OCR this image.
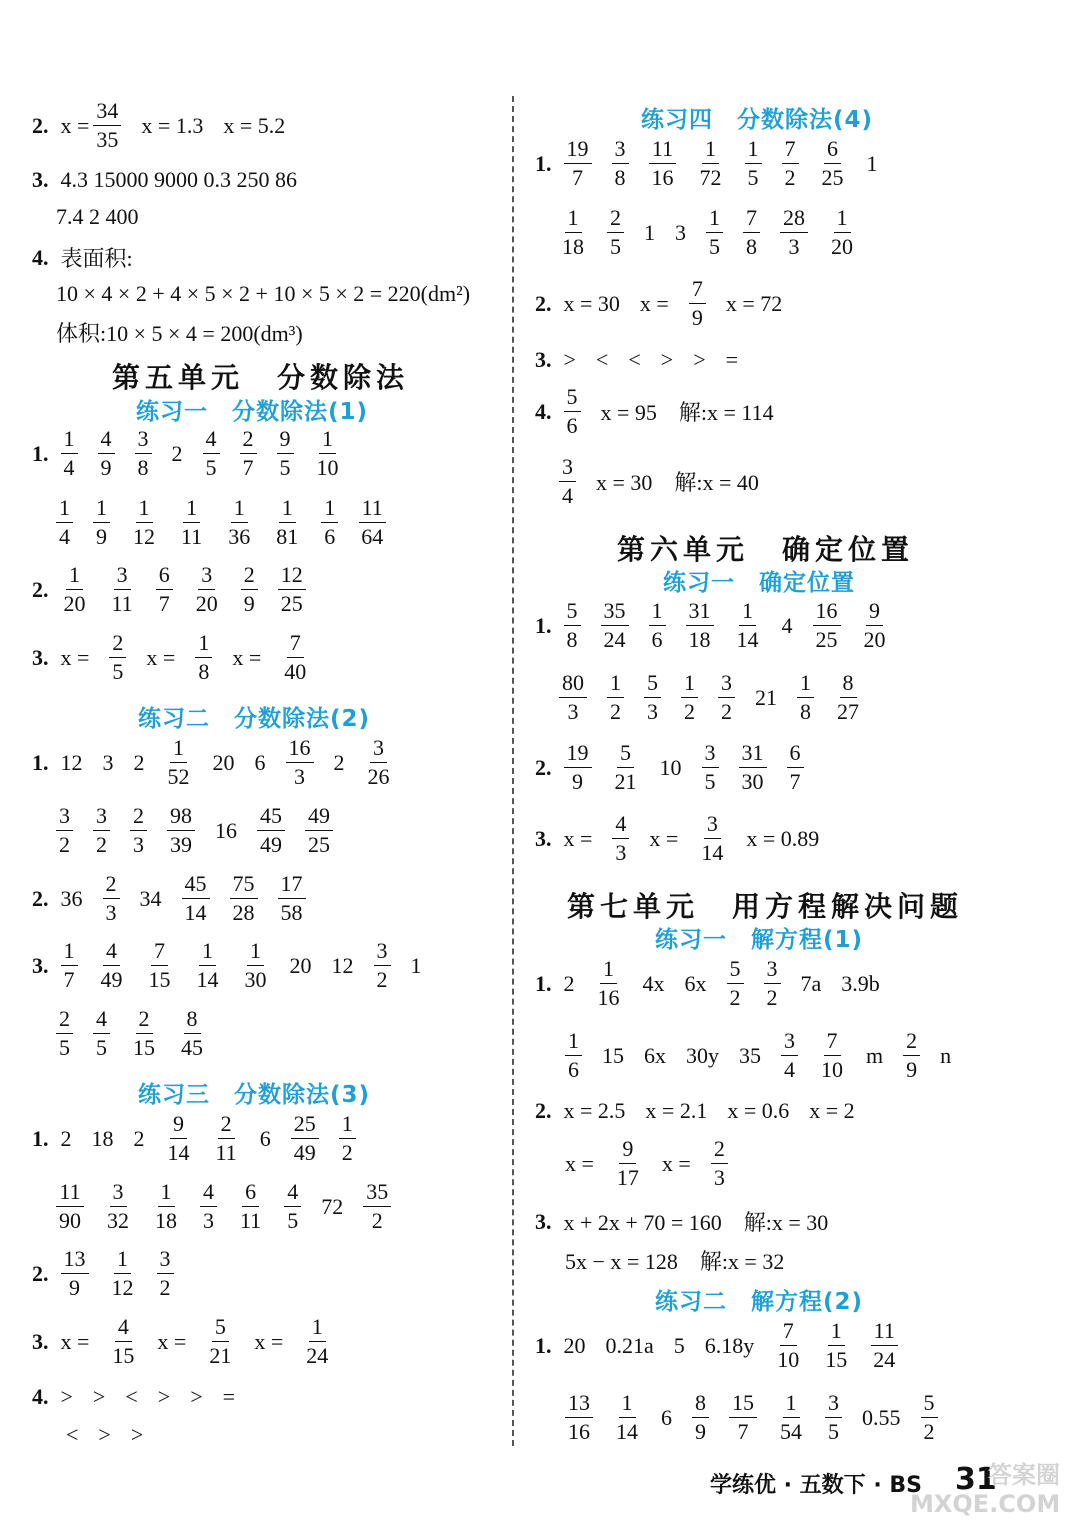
2. $x = \frac{34}{35}$ x = 1.3 x = 5.2
3. 4.3 15000 9000 0.3 250 86
7.4 2 400
4. 表面积:
10 × 4 × 2 + 4 × 5 × 2 + 10 × 5 × 2 = 220(dm²)
体积:10 × 5 × 4 = 200(dm³)
第五单元　分数除法
练习一　分数除法(1)
1. $\frac{1}{4} \frac{4}{9} \frac{3}{8} 2 \frac{4}{5} \frac{2}{7} \frac{9}{5} \frac{1}{10}$
$\frac{1}{4} \frac{1}{9} \frac{1}{12} \frac{1}{11} \frac{1}{36} \frac{1}{81} \frac{1}{6} \frac{11}{64}$
2. $\frac{1}{20} \frac{3}{11} \frac{6}{7} \frac{3}{20} \frac{2}{9} \frac{12}{25}$
3. $x = \frac{2}{5}$ $x = \frac{1}{8}$ $x = \frac{7}{40}$
练习二　分数除法(2)
1. 12 3 $2 \frac{1}{52} 20$ $6 \frac{16}{3} 2 \frac{3}{26}$
$\frac{3}{2} \frac{3}{2} \frac{2}{3} \frac{98}{39} 16 \frac{45}{49} \frac{49}{25}$
2. $36 \frac{2}{3} 34 \frac{45}{14} \frac{75}{28} \frac{17}{58}$
3. $\frac{1}{7} \frac{4}{49} \frac{7}{15} \frac{1}{14} \frac{1}{30} 20$ $12 \frac{3}{2} 1$
$\frac{2}{5} \frac{4}{5} \frac{2}{15} \frac{8}{45}$
练习三　分数除法(3)
1. 2 18 $2 \frac{9}{14} \frac{2}{11} 6 \frac{25}{49} \frac{1}{2}$
$\frac{11}{90} \frac{3}{32} \frac{1}{18} \frac{4}{3} \frac{6}{11} \frac{4}{5} 72 \frac{35}{2}$
2. $\frac{13}{9} \frac{1}{12} \frac{3}{2}$
3. $x = \frac{4}{15}$ $x = \frac{5}{21}$ $x = \frac{1}{24}$
4. > > < > > =
< > >
练习四　分数除法(4)
1. $\frac{19}{7} \frac{3}{8} \frac{11}{16} \frac{1}{72} \frac{1}{5} \frac{7}{2} \frac{6}{25} 1$
$\frac{1}{18} \frac{2}{5} 1$ $3 \frac{1}{5} \frac{7}{8} \frac{28}{3} \frac{1}{20}$
2. x = 30 $x = \frac{7}{9}$ x = 72
3. > < < > > =
4. $\frac{5}{6}$ x = 95　解:x = 114
$\frac{3}{4}$ x = 30　解:x = 40
第六单元　确定位置
练习一　确定位置
1. $\frac{5}{8} \frac{35}{24} \frac{1}{6} \frac{31}{18} \frac{1}{14} 4 \frac{16}{25} \frac{9}{20}$
$\frac{80}{3} \frac{1}{2} \frac{5}{3} \frac{1}{2} \frac{3}{2} 21 \frac{1}{8} \frac{8}{27}$
2. $\frac{19}{9} \frac{5}{21} 10 \frac{3}{5} \frac{31}{30} \frac{6}{7}$
3. $x = \frac{4}{3}$ $x = \frac{3}{14}$ x = 0.89
第七单元　用方程解决问题
练习一　解方程(1)
1. $2 \frac{1}{16} 4x$ $6x \frac{5}{2} \frac{3}{2} 7a$ 3.9b
$\frac{1}{6} 15$ 6x 30y $35 \frac{3}{4} \frac{7}{10}$ m $\frac{2}{9}$ n
2. x = 2.5 x = 2.1 x = 0.6 x = 2
$x = \frac{9}{17}$ $x = \frac{2}{3}$
3. x + 2x + 70 = 160　解:x = 30
5x − x = 128　解:x = 32
练习二　解方程(2)
1. 20 0.21a 5 $6.18y \frac{7}{10} \frac{1}{15} \frac{11}{24}$
$\frac{13}{16} \frac{1}{14} 6 \frac{8}{9} \frac{15}{7} \frac{1}{54} \frac{3}{5} 0.55 \frac{5}{2}$
学练优 · 五数下 · BS 31
答案圈 MXQE.COM
